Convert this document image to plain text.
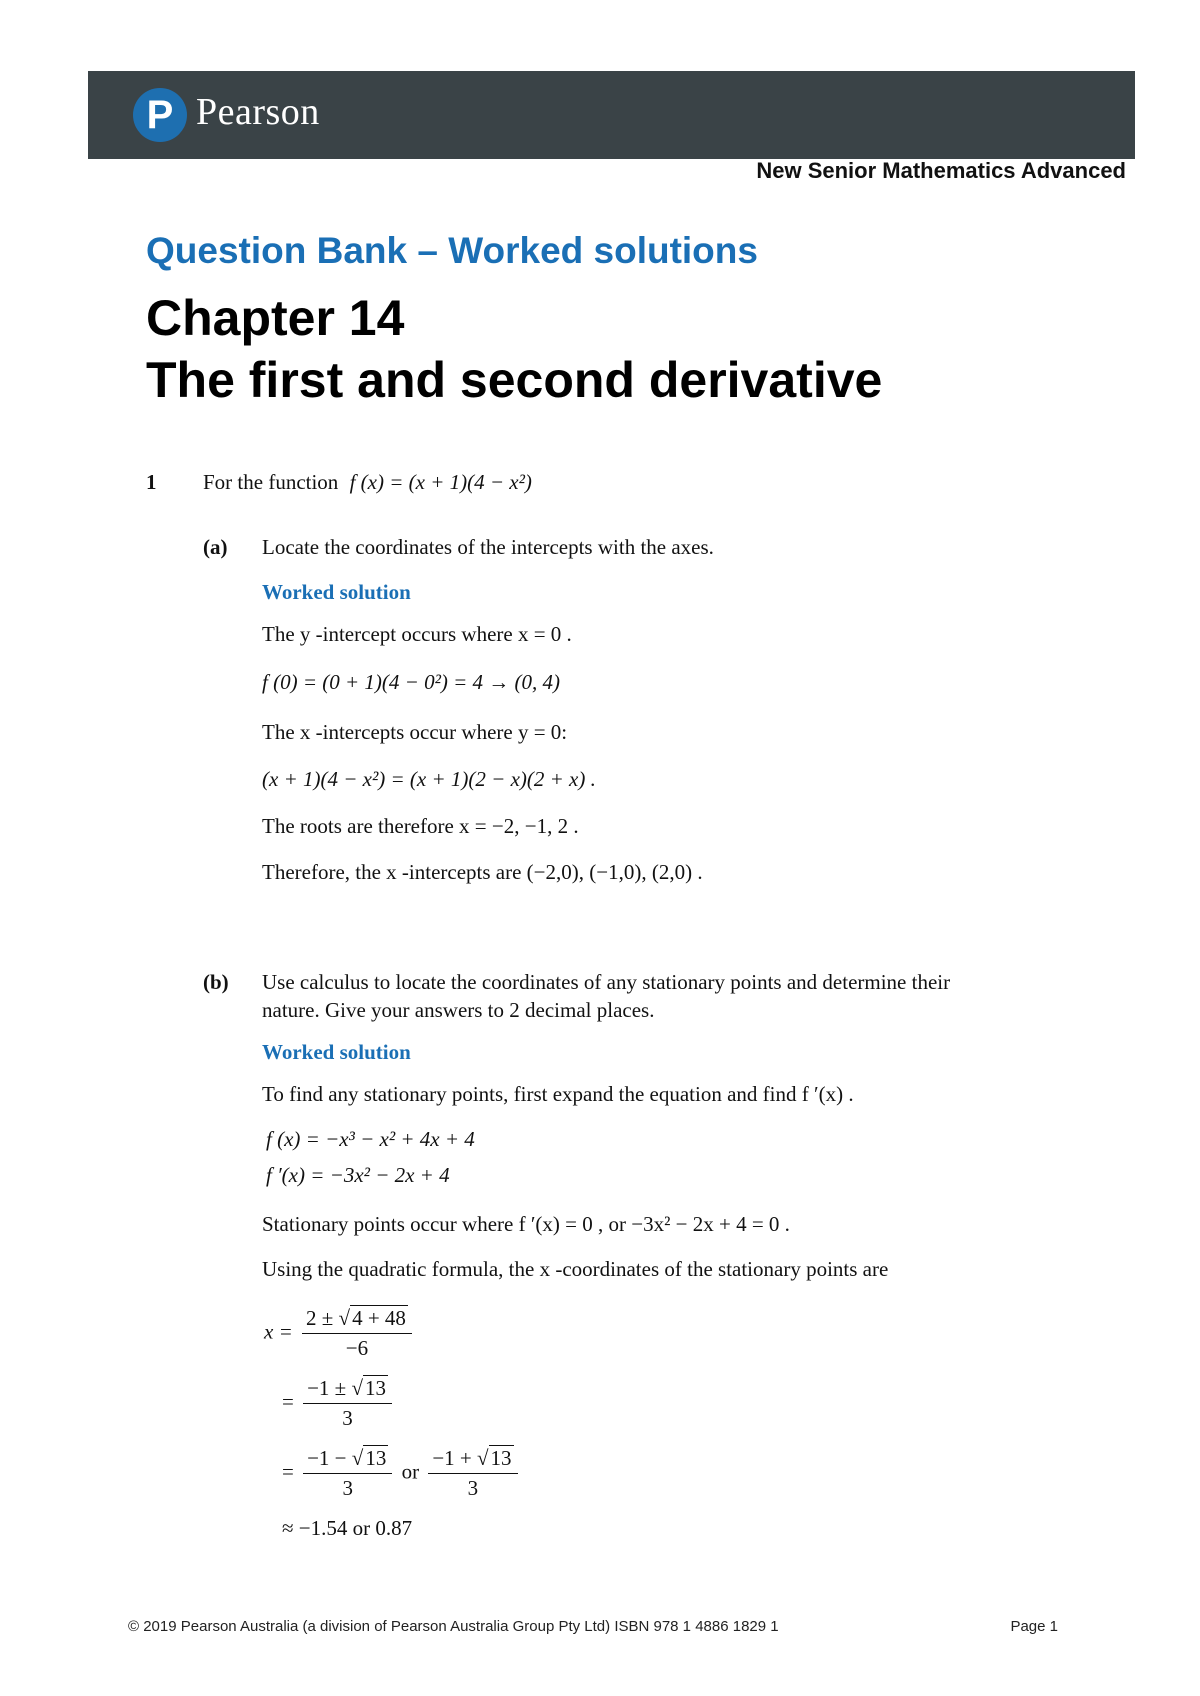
P Pearson
New Senior Mathematics Advanced
Question Bank – Worked solutions
Chapter 14
The first and second derivative
1 For the function f (x) = (x + 1)(4 − x²)
(a) Locate the coordinates of the intercepts with the axes.
Worked solution
The y -intercept occurs where x = 0 .
f (0) = (0 + 1)(4 − 0²) = 4 → (0, 4)
The x -intercepts occur where y = 0:
(x + 1)(4 − x²) = (x + 1)(2 − x)(2 + x) .
The roots are therefore x = −2, −1, 2 .
Therefore, the x -intercepts are (−2,0), (−1,0), (2,0) .
(b) Use calculus to locate the coordinates of any stationary points and determine their
nature. Give your answers to 2 decimal places.
Worked solution
To find any stationary points, first expand the equation and find f ′(x) .
f (x) = −x³ − x² + 4x + 4
f ′(x) = −3x² − 2x + 4
Stationary points occur where f ′(x) = 0 , or −3x² − 2x + 4 = 0 .
Using the quadratic formula, the x -coordinates of the stationary points are
$x = \frac{2 \pm √4 + 48}{-6}$
= $\frac{-1 \pm √13}{3}$
= $\frac{-1 - √13}{3}$ or $\frac{-1 + √13}{3}$
≈ −1.54 or 0.87
© 2019 Pearson Australia (a division of Pearson Australia Group Pty Ltd) ISBN 978 1 4886 1829 1	Page 1
